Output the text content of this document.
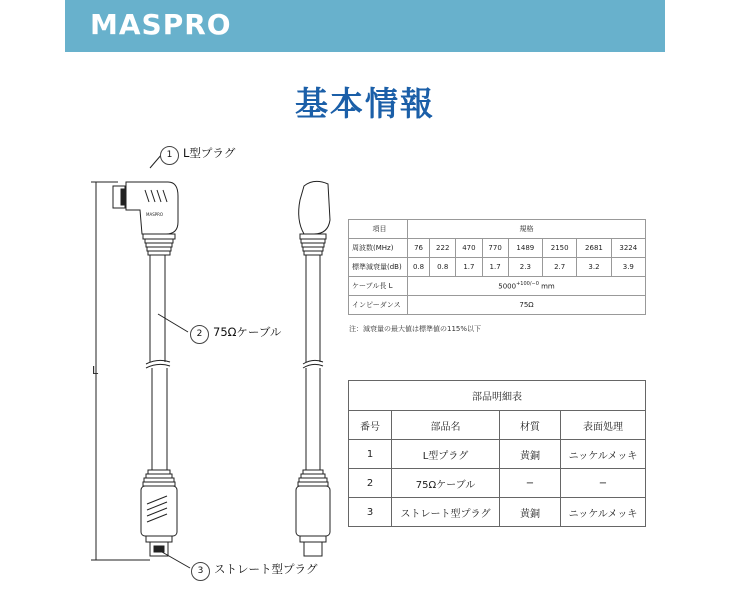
MASPRO
基本情報
MASPRO
1 L型プラグ
2 75Ωケーブル
3 ストレート型プラグ
L
項目	規格							
周波数(MHz)	76	222	470	770	1489	2150	2681	3224
標準減衰量(dB)	0.8	0.8	1.7	1.7	2.3	2.7	3.2	3.9
ケーブル長 L	$5000^{+100/-0}$ mm							
インピーダンス	75Ω							
注：減衰量の最大値は標準値の115%以下
部品明細表			
番号	部品名	材質	表面処理
1	L型プラグ	黄銅	ニッケルメッキ
2	75Ωケーブル	−	−
3	ストレート型プラグ	黄銅	ニッケルメッキ
